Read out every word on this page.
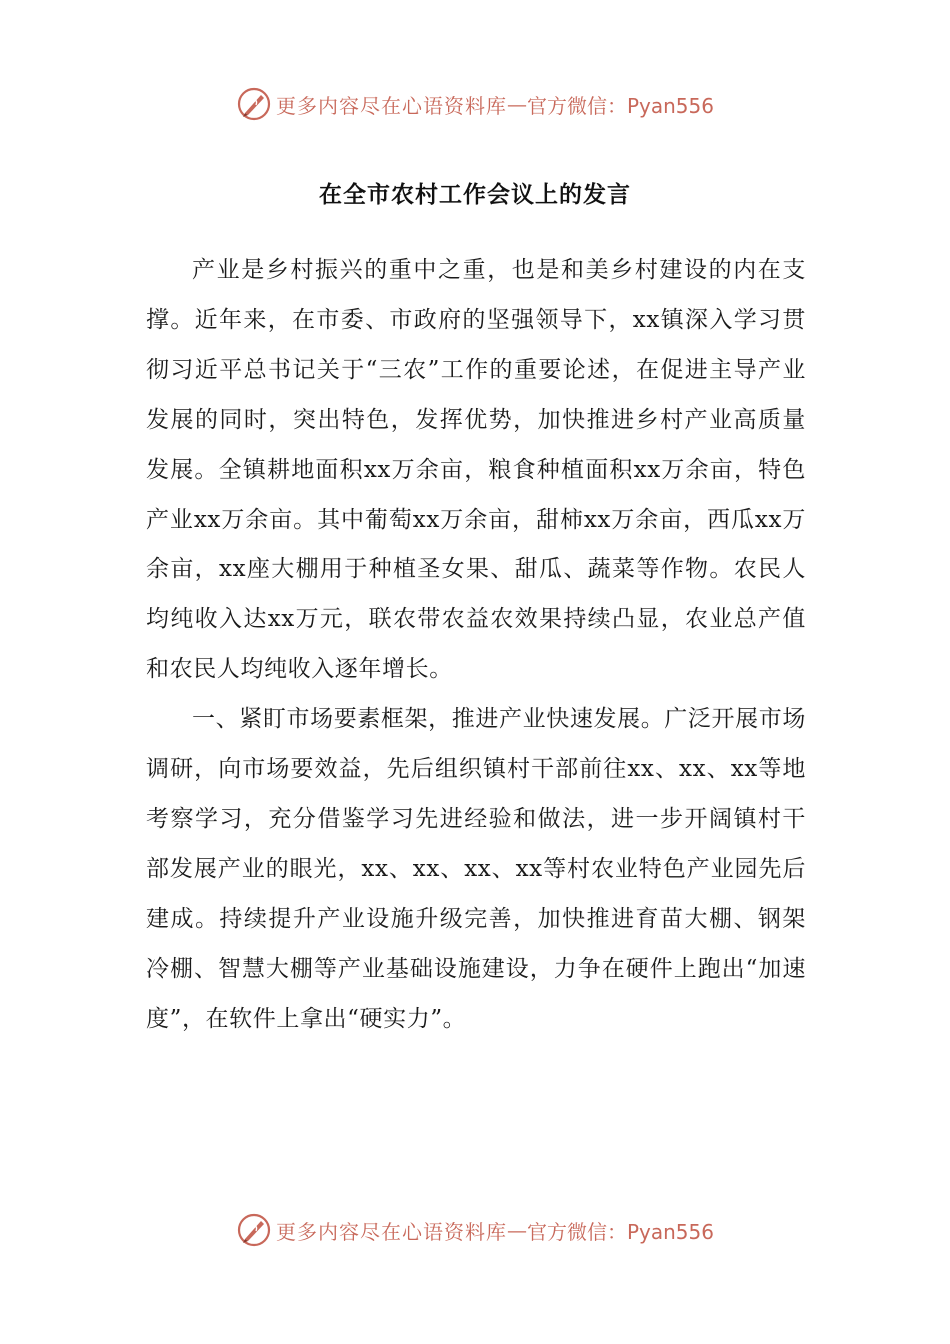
更多内容尽在心语资料库 — 官方微信：Pyan556
在全市农村工作会议上的发言

产业是乡村振兴的重中之重，也是和美乡村建设的内在支撑。近年来，在市委、市政府的坚强领导下，xx镇深入学习贯彻习近平总书记关于“三农”工作的重要论述，在促进主导产业发展的同时，突出特色，发挥优势，加快推进乡村产业高质量发展。全镇耕地面积xx万余亩，粮食种植面积xx万余亩，特色产业xx万余亩。其中葡萄xx万余亩，甜柿xx万余亩，西瓜xx万余亩，xx座大棚用于种植圣女果、甜瓜、蔬菜等作物。农民人均纯收入达xx万元，联农带农益农效果持续凸显，农业总产值和农民人均纯收入逐年增长。

一、紧盯市场要素框架，推进产业快速发展。广泛开展市场调研，向市场要效益，先后组织镇村干部前往xx、xx、xx等地考察学习，充分借鉴学习先进经验和做法，进一步开阔镇村干部发展产业的眼光，xx、xx、xx、xx等村农业特色产业园先后建成。持续提升产业设施升级完善，加快推进育苗大棚、钢架冷棚、智慧大棚等产业基础设施建设，力争在硬件上跑出“加速度”，在软件上拿出“硬实力”。

更多内容尽在心语资料库 — 官方微信：Pyan556
